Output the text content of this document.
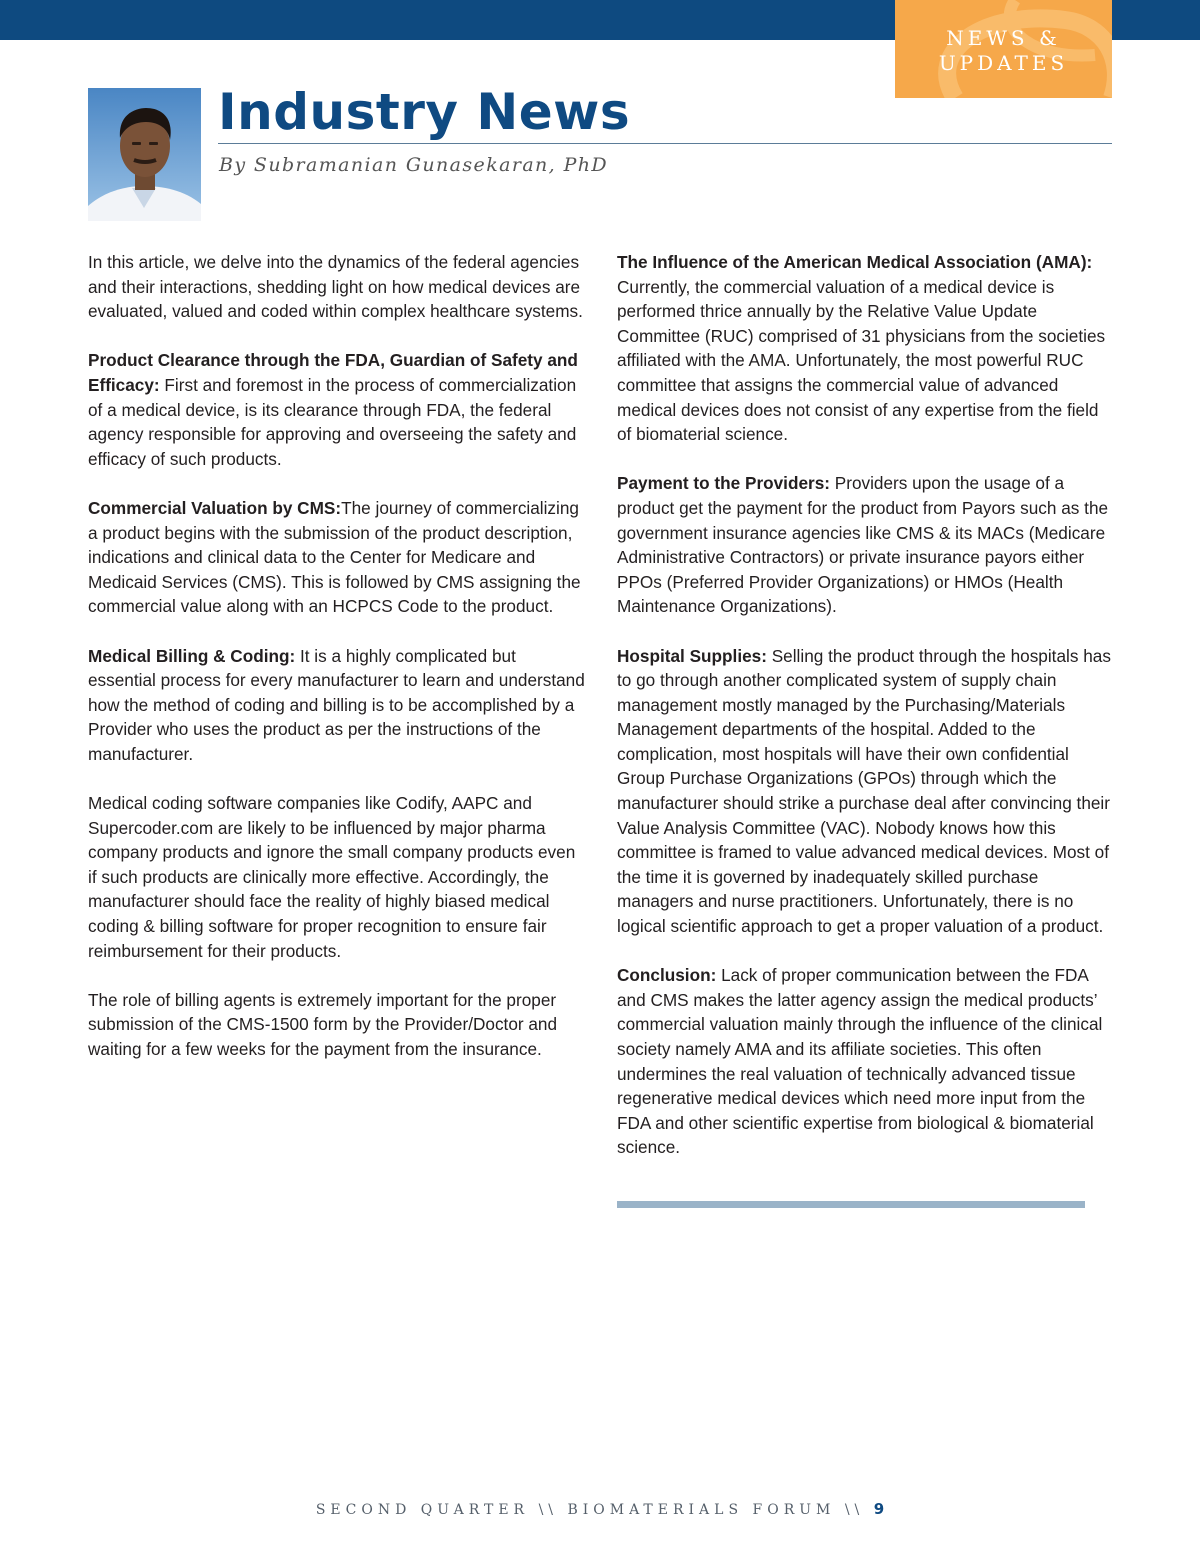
NEWS &
UPDATES
Industry News
By Subramanian Gunasekaran, PhD

In this article, we delve into the dynamics of the federal agencies and their interactions, shedding light on how medical devices are evaluated, valued and coded within complex healthcare systems.

Product Clearance through the FDA, Guardian of Safety and Efficacy: First and foremost in the process of commercialization of a medical device, is its clearance through FDA, the federal agency responsible for approving and overseeing the safety and efficacy of such products.

Commercial Valuation by CMS:The journey of commercializing a product begins with the submission of the product description, indications and clinical data to the Center for Medicare and Medicaid Services (CMS). This is followed by CMS assigning the commercial value along with an HCPCS Code to the product.

Medical Billing & Coding: It is a highly complicated but essential process for every manufacturer to learn and understand how the method of coding and billing is to be accomplished by a Provider who uses the product as per the instructions of the manufacturer.

Medical coding software companies like Codify, AAPC and Supercoder.com are likely to be influenced by major pharma company products and ignore the small company products even if such products are clinically more effective. Accordingly, the manufacturer should face the reality of highly biased medical coding & billing software for proper recognition to ensure fair reimbursement for their products.

The role of billing agents is extremely important for the proper submission of the CMS-1500 form by the Provider/Doctor and waiting for a few weeks for the payment from the insurance.

The Influence of the American Medical Association (AMA): Currently, the commercial valuation of a medical device is performed thrice annually by the Relative Value Update Committee (RUC) comprised of 31 physicians from the societies affiliated with the AMA. Unfortunately, the most powerful RUC committee that assigns the commercial value of advanced medical devices does not consist of any expertise from the field of biomaterial science.

Payment to the Providers: Providers upon the usage of a product get the payment for the product from Payors such as the government insurance agencies like CMS & its MACs (Medicare Administrative Contractors) or private insurance payors either PPOs (Preferred Provider Organizations) or HMOs (Health Maintenance Organizations).

Hospital Supplies: Selling the product through the hospitals has to go through another complicated system of supply chain management mostly managed by the Purchasing/Materials Management departments of the hospital. Added to the complication, most hospitals will have their own confidential Group Purchase Organizations (GPOs) through which the manufacturer should strike a purchase deal after convincing their Value Analysis Committee (VAC). Nobody knows how this committee is framed to value advanced medical devices. Most of the time it is governed by inadequately skilled purchase managers and nurse practitioners. Unfortunately, there is no logical scientific approach to get a proper valuation of a product.

Conclusion: Lack of proper communication between the FDA and CMS makes the latter agency assign the medical products’ commercial valuation mainly through the influence of the clinical society namely AMA and its affiliate societies. This often undermines the real valuation of technically advanced tissue regenerative medical devices which need more input from the FDA and other scientific expertise from biological & biomaterial science.

SECOND QUARTER \\ BIOMATERIALS FORUM \\ 9
